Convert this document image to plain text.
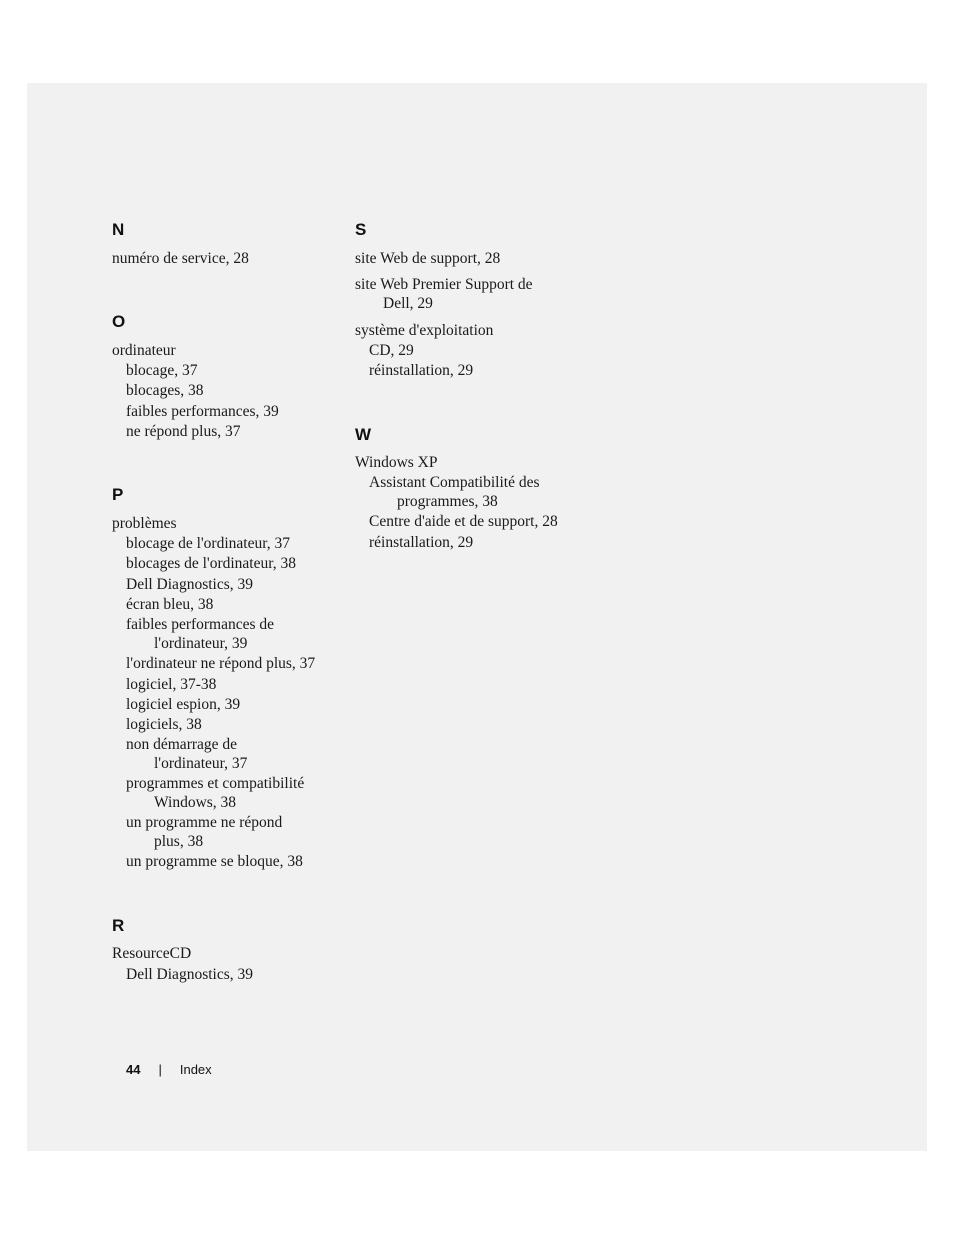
N
numéro de service, 28
O
ordinateur
blocage, 37
blocages, 38
faibles performances, 39
ne répond plus, 37
P
problèmes
blocage de l'ordinateur, 37
blocages de l'ordinateur, 38
Dell Diagnostics, 39
écran bleu, 38
faibles performances de
l'ordinateur, 39
l'ordinateur ne répond plus, 37
logiciel, 37-38
logiciel espion, 39
logiciels, 38
non démarrage de
l'ordinateur, 37
programmes et compatibilité
Windows, 38
un programme ne répond
plus, 38
un programme se bloque, 38
R
ResourceCD
Dell Diagnostics, 39
S
site Web de support, 28
site Web Premier Support de
Dell, 29
système d'exploitation
CD, 29
réinstallation, 29
W
Windows XP
Assistant Compatibilité des
programmes, 38
Centre d'aide et de support, 28
réinstallation, 29
44 | Index
